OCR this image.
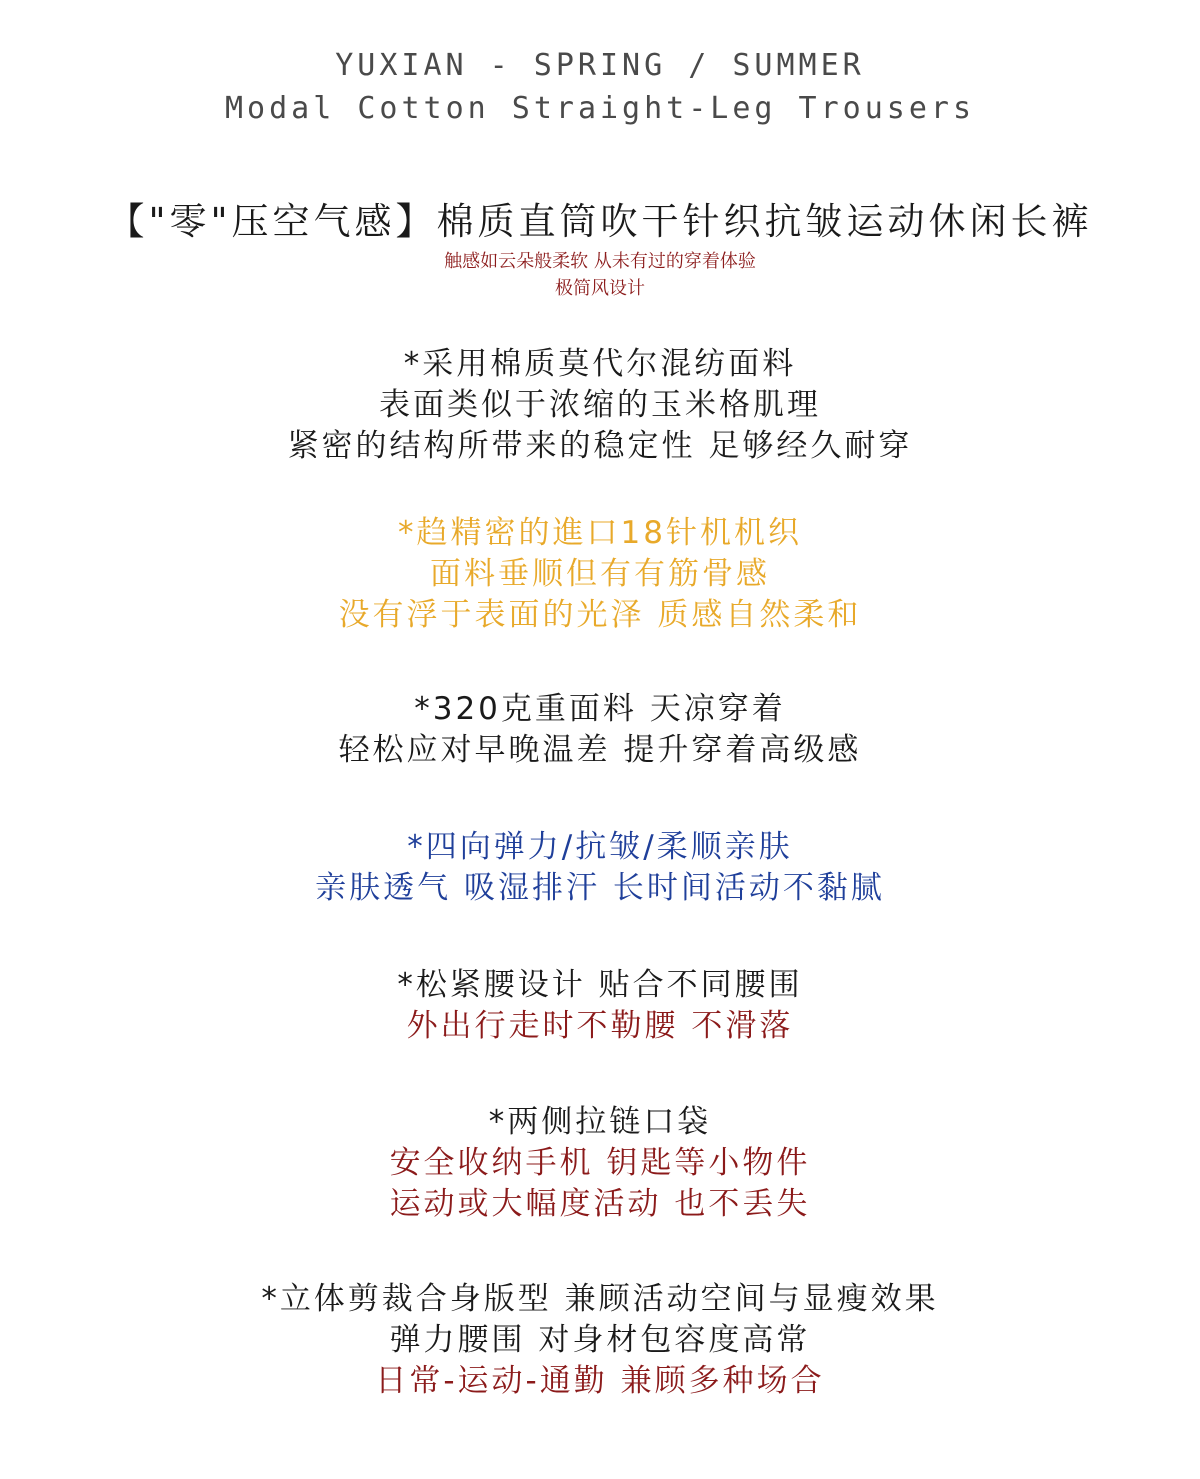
YUXIAN - SPRING / SUMMER
Modal Cotton Straight-Leg Trousers
【"零"压空气感】棉质直筒吹干针织抗皱运动休闲长裤
触感如云朵般柔软 从未有过的穿着体验
极简风设计
*采用棉质莫代尔混纺面料
表面类似于浓缩的玉米格肌理
紧密的结构所带来的稳定性 足够经久耐穿
*趋精密的進口18针机机织
面料垂顺但有有筋骨感
没有浮于表面的光泽 质感自然柔和
*320克重面料 天凉穿着
轻松应对早晚温差 提升穿着高级感
*四向弹力/抗皱/柔顺亲肤
亲肤透气 吸湿排汗 长时间活动不黏腻
*松紧腰设计 贴合不同腰围
外出行走时不勒腰 不滑落
*两侧拉链口袋
安全收纳手机 钥匙等小物件
运动或大幅度活动 也不丢失
*立体剪裁合身版型 兼顾活动空间与显瘦效果
弹力腰围 对身材包容度高常
日常-运动-通勤 兼顾多种场合
